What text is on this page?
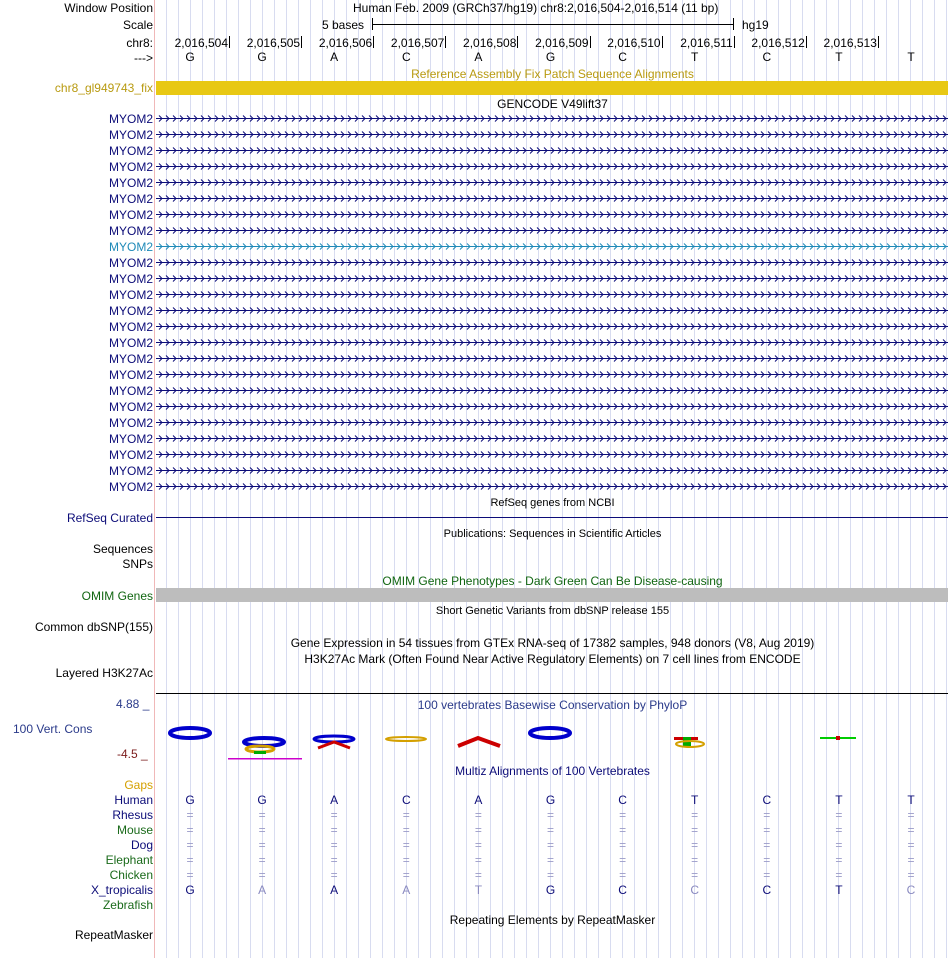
Window Position	Human Feb. 2009 (GRCh37/hg19) chr8:2,016,504-2,016,514 (11 bp)
Scale	5 bases	hg19
chr8: 2,016,504 2,016,505 2,016,506 2,016,507 2,016,508 2,016,509 2,016,510 2,016,511 2,016,512 2,016,513
--->	G	G	A	C	A	G	C	T	C	T	T
Reference Assembly Fix Patch Sequence Alignments
chr8_gl949743_fix
GENCODE V49lift37
MYOM2
MYOM2
MYOM2
MYOM2
MYOM2
MYOM2
MYOM2
MYOM2
MYOM2
MYOM2
MYOM2
MYOM2
MYOM2
MYOM2
MYOM2
MYOM2
MYOM2
MYOM2
MYOM2
MYOM2
MYOM2
MYOM2
MYOM2
MYOM2
RefSeq genes from NCBI
RefSeq Curated
Publications: Sequences in Scientific Articles
Sequences
SNPs
OMIM Gene Phenotypes - Dark Green Can Be Disease-causing
OMIM Genes
Short Genetic Variants from dbSNP release 155
Common dbSNP(155)
Gene Expression in 54 tissues from GTEx RNA-seq of 17382 samples, 948 donors (V8, Aug 2019)
H3K27Ac Mark (Often Found Near Active Regulatory Elements) on 7 cell lines from ENCODE
Layered H3K27Ac
100 vertebrates Basewise Conservation by PhyloP
4.88 _
100 Vert. Cons
-4.5 _
Multiz Alignments of 100 Vertebrates
Gaps
Human	G	G	A	C	A	G	C	T	C	T	T
Rhesus	=	=	=	=	=	=	=	=	=	=	=
Mouse	=	=	=	=	=	=	=	=	=	=	=
Dog	=	=	=	=	=	=	=	=	=	=	=
Elephant	=	=	=	=	=	=	=	=	=	=	=
Chicken	=	=	=	=	=	=	=	=	=	=	=
X_tropicalis	G	A	A	A	T	G	C	C	C	T	C
Zebrafish
Repeating Elements by RepeatMasker
RepeatMasker
